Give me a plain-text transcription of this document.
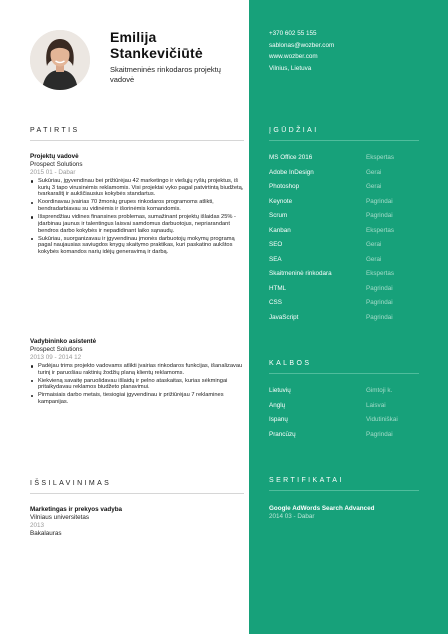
Emilija Stankevičiūtė
Skaitmeninės rinkodaros projektų vadovė
PATIRTIS
Projektų vadovė
Prospect Solutions
2015 01 - Dabar
Sukūriau, įgyvendinau bei prižiūrėjau 42 marketingo ir viešųjų ryšių projektus, iš kurių 3 tapo virusinėmis reklamomis. Visi projektai vyko pagal patvirtintą biudžetą, tvarkaraštį ir aukščiausius kokybės standartus.
Koordinavau įvairias 70 žmonių grupes rinkodaros programoms atlikti, bendradarbiavau su vidinėmis ir išorinėmis komandomis.
Išsprendžiau vidines finansines problemas, sumažinant projektų išlaidas 25% - įdarbinau jaunus ir talentingus laisvai samdomus darbuotojus, nepriarandant bendros darbo kokybės ir nepadidinant laiko sąnaudų.
Sukūriau, suorganizavau ir įgyvendinau įmonės darbuotojų mokymų programą pagal naujausias saviugdos knygų skaitymo praktikas, kuri paskatino aukštos kokybės komandos narių idėjų generavimą ir darbą.
Vadybininko asistentė
Prospect Solutions
2013 09 - 2014 12
Padėjau trims projekto vadovams atlikti įvairias rinkodaros funkcijas, išanalizavau turinį ir paruošiau raktinių žodžių planą klientų reklamoms.
Kiekvieną savaitę paruošdavau išlaidų ir pelno ataskaitas, kurias sėkmingai pritaikydavau reklamos biudžeto planavimui.
Pirmaisiais darbo metais, tiesiogiai įgyvendinau ir prižiūrėjau 7 reklamines kampanijas.
IŠSILAVINIMAS
Marketingas ir prekyos vadyba
Vilniaus universitetas
2013
Bakalauras
+370 602 55 155
sablonas@wozber.com
www.wozber.com
Vilnius, Lietuva
ĮGŪDŽIAI
MS Office 2016	Ekspertas
Adobe InDesign	Gerai
Photoshop	Gerai
Keynote	Pagrindai
Scrum	Pagrindai
Kanban	Ekspertas
SEO	Gerai
SEA	Gerai
Skaitmeninė rinkodara	Ekspertas
HTML	Pagrindai
CSS	Pagrindai
JavaScript	Pagrindai
KALBOS
Lietuvių	Gimtoji k.
Anglų	Laisvai
Ispanų	Vidutiniškai
Prancūzų	Pagrindai
SERTIFIKATAI
Google AdWords Search Advanced
2014 03 - Dabar
